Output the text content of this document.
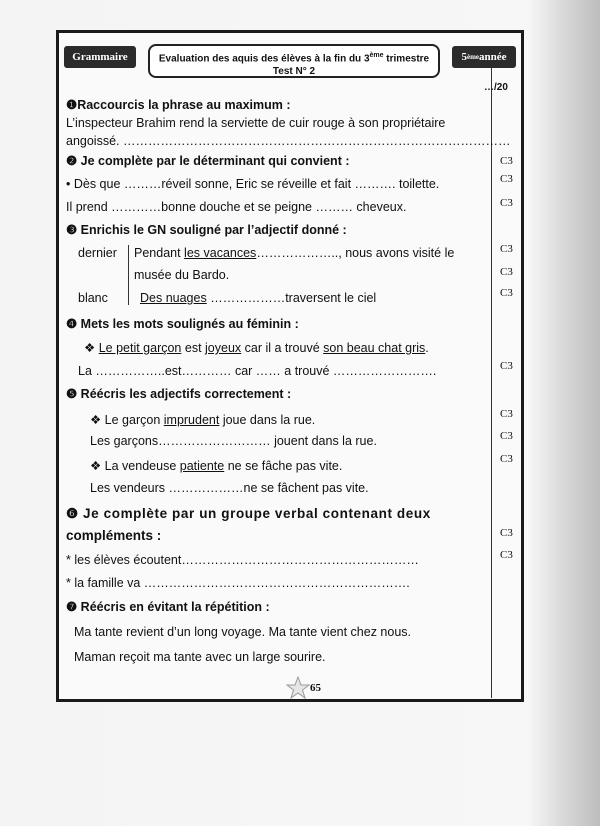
Grammaire	Evaluation des aquis des élèves à la fin du 3ème trimestre
Test N° 2
5 ème année
…/20
❶Raccourcis la phrase au maximum :
L’inspecteur Brahim rend la serviette de cuir rouge à son propriétaire
angoissé. …………………………………………………………………………………
❷ Je complète par le déterminant qui convient :
• Dès que ………réveil sonne, Eric se réveille et fait ………. toilette.
Il prend …………bonne douche et se peigne ……… cheveux.
❸ Enrichis le GN souligné par l’adjectif donné :
dernier Pendant les vacances……………….., nous avons visité le
musée du Bardo.
blanc	Des nuages ………………traversent le ciel
❹ Mets les mots soulignés au féminin :
❖ Le petit garçon est joyeux car il a trouvé son beau chat gris.
La ……………..est………… car …… a trouvé …………………….
❺ Réécris les adjectifs correctement :
❖ Le garçon imprudent joue dans la rue.
Les garçons……………………… jouent dans la rue.
❖ La vendeuse patiente ne se fâche pas vite.
Les vendeurs ………………ne se fâchent pas vite.
❻ Je complète par un groupe verbal contenant deux
compléments :
* les élèves écoutent…………………………………………………
* la famille va ……………………………………………………….
❼ Réécris en évitant la répétition :
Ma tante revient d’un long voyage. Ma tante vient chez nous.
Maman reçoit ma tante avec un large sourire.
C3
C3
C3
C3
C3
C3
C3
C3
C3
C3
C3
C3
65
